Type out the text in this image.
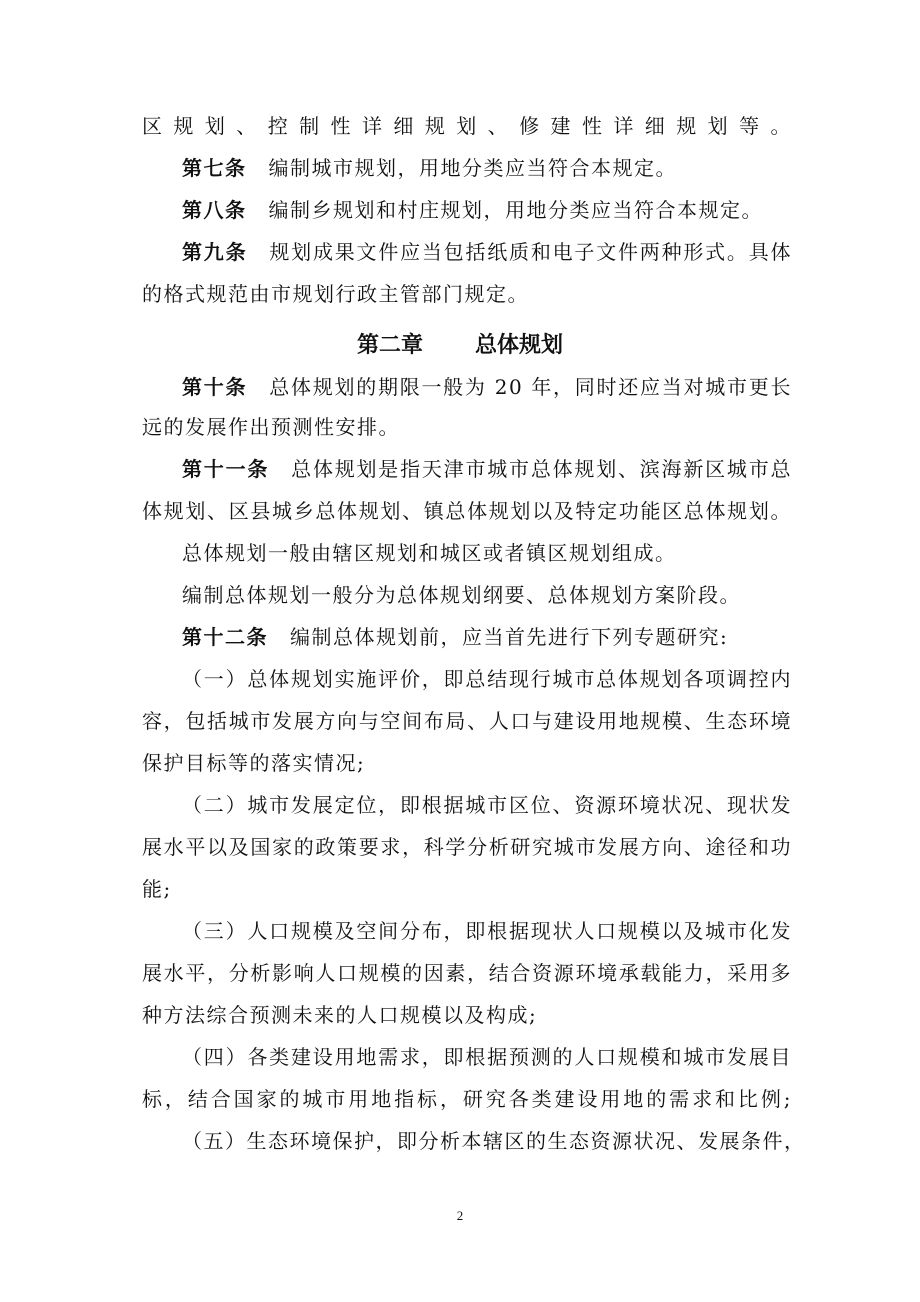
区规划、控制性详细规划、修建性详细规划等。
第七条 编制城市规划，用地分类应当符合本规定。
第八条 编制乡规划和村庄规划，用地分类应当符合本规定。
第九条 规划成果文件应当包括纸质和电子文件两种形式。具体
的格式规范由市规划行政主管部门规定。
第二章 总体规划
第十条 总体规划的期限一般为 20 年，同时还应当对城市更长
远的发展作出预测性安排。
第十一条 总体规划是指天津市城市总体规划、滨海新区城市总
体规划、区县城乡总体规划、镇总体规划以及特定功能区总体规划。
总体规划一般由辖区规划和城区或者镇区规划组成。
编制总体规划一般分为总体规划纲要、总体规划方案阶段。
第十二条 编制总体规划前，应当首先进行下列专题研究:
（一）总体规划实施评价，即总结现行城市总体规划各项调控内
容，包括城市发展方向与空间布局、人口与建设用地规模、生态环境
保护目标等的落实情况;
（二）城市发展定位，即根据城市区位、资源环境状况、现状发
展水平以及国家的政策要求，科学分析研究城市发展方向、途径和功
能;
（三）人口规模及空间分布，即根据现状人口规模以及城市化发
展水平，分析影响人口规模的因素，结合资源环境承载能力，采用多
种方法综合预测未来的人口规模以及构成;
（四）各类建设用地需求，即根据预测的人口规模和城市发展目
标，结合国家的城市用地指标，研究各类建设用地的需求和比例;
（五）生态环境保护，即分析本辖区的生态资源状况、发展条件，
2
